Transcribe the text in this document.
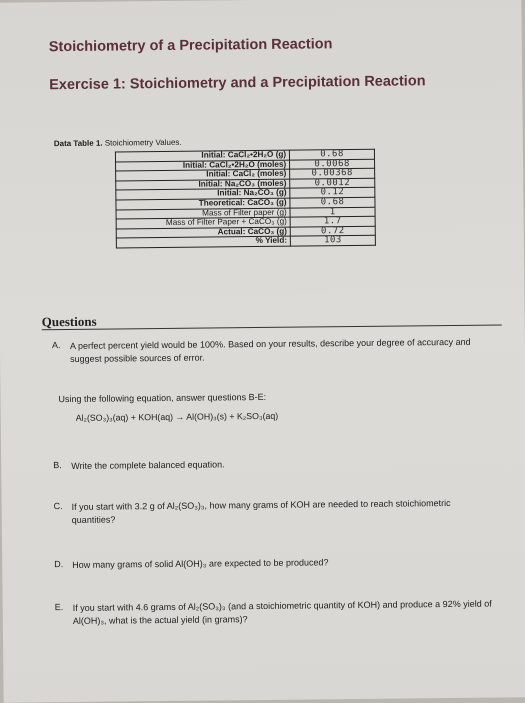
Stoichiometry of a Precipitation Reaction
Exercise 1: Stoichiometry and a Precipitation Reaction
Data Table 1. Stoichiometry Values.
Initial: CaCl₂•2H₂O (g)	0.68
Initial: CaCl₂•2H₂O (moles)	0.0068
Initial: CaCl₂ (moles)	0.00368
Initial: Na₂CO₃ (moles)	0.0012
Initial: Na₂CO₃ (g)	0.12
Theoretical: CaCO₃ (g)	0.68
Mass of Filter paper (g)	1
Mass of Filter Paper + CaCO₃ (g)	1.7
Actual: CaCO₃ (g)	0.72
% Yield:	103
Questions
A. A perfect percent yield would be 100%. Based on your results, describe your degree of accuracy and suggest possible sources of error.
Using the following equation, answer questions B-E:
Al₂(SO₃)₃(aq) + KOH(aq) → Al(OH)₃(s) + K₂SO₃(aq)
B. Write the complete balanced equation.
C. If you start with 3.2 g of Al₂(SO₃)₃, how many grams of KOH are needed to reach stoichiometric quantities?
D. How many grams of solid Al(OH)₃ are expected to be produced?
E. If you start with 4.6 grams of Al₂(SO₃)₃ (and a stoichiometric quantity of KOH) and produce a 92% yield of Al(OH)₃, what is the actual yield (in grams)?
